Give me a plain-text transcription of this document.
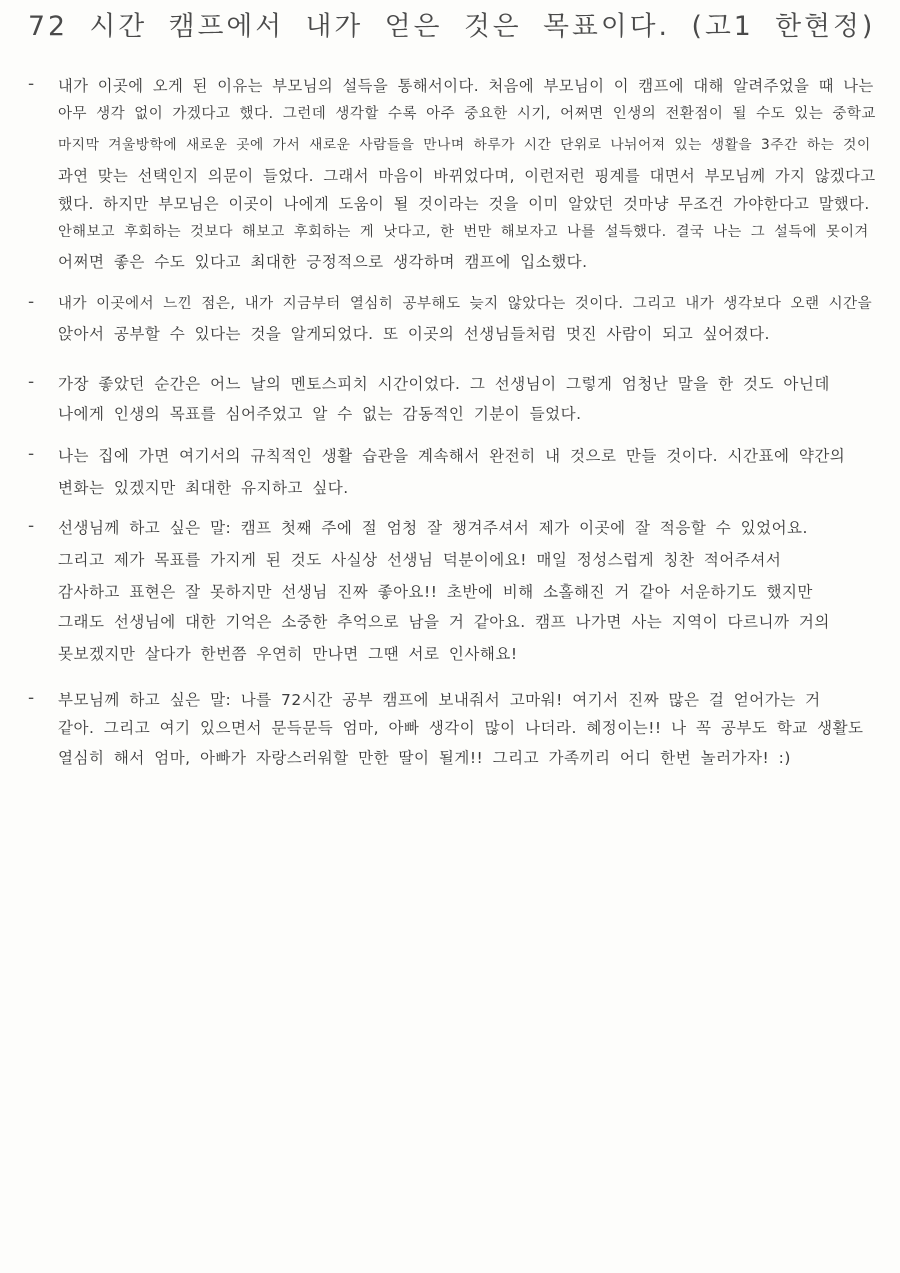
72 시간 캠프에서 내가 얻은 것은 목표이다. (고1 한현정)
- 내가 이곳에 오게 된 이유는 부모님의 설득을 통해서이다. 처음에 부모님이 이 캠프에 대해 알려주었을 때 나는
아무 생각 없이 가겠다고 했다. 그런데 생각할 수록 아주 중요한 시기, 어쩌면 인생의 전환점이 될 수도 있는 중학교
마지막 겨울방학에 새로운 곳에 가서 새로운 사람들을 만나며 하루가 시간 단위로 나뉘어져 있는 생활을 3주간 하는 것이
과연 맞는 선택인지 의문이 들었다. 그래서 마음이 바뀌었다며, 이런저런 핑계를 대면서 부모님께 가지 않겠다고
했다. 하지만 부모님은 이곳이 나에게 도움이 될 것이라는 것을 이미 알았던 것마냥 무조건 가야한다고 말했다.
안해보고 후회하는 것보다 해보고 후회하는 게 낫다고, 한 번만 해보자고 나를 설득했다. 결국 나는 그 설득에 못이겨
어쩌면 좋은 수도 있다고 최대한 긍정적으로 생각하며 캠프에 입소했다.
- 내가 이곳에서 느낀 점은, 내가 지금부터 열심히 공부해도 늦지 않았다는 것이다. 그리고 내가 생각보다 오랜 시간을
앉아서 공부할 수 있다는 것을 알게되었다. 또 이곳의 선생님들처럼 멋진 사람이 되고 싶어졌다.
- 가장 좋았던 순간은 어느 날의 멘토스피치 시간이었다. 그 선생님이 그렇게 엄청난 말을 한 것도 아닌데
나에게 인생의 목표를 심어주었고 알 수 없는 감동적인 기분이 들었다.
- 나는 집에 가면 여기서의 규칙적인 생활 습관을 계속해서 완전히 내 것으로 만들 것이다. 시간표에 약간의
변화는 있겠지만 최대한 유지하고 싶다.
- 선생님께 하고 싶은 말: 캠프 첫째 주에 절 엄청 잘 챙겨주셔서 제가 이곳에 잘 적응할 수 있었어요.
그리고 제가 목표를 가지게 된 것도 사실상 선생님 덕분이에요! 매일 정성스럽게 칭찬 적어주셔서
감사하고 표현은 잘 못하지만 선생님 진짜 좋아요!! 초반에 비해 소홀해진 거 같아 서운하기도 했지만
그래도 선생님에 대한 기억은 소중한 추억으로 남을 거 같아요. 캠프 나가면 사는 지역이 다르니까 거의
못보겠지만 살다가 한번쯤 우연히 만나면 그땐 서로 인사해요!
- 부모님께 하고 싶은 말: 나를 72시간 공부 캠프에 보내줘서 고마워! 여기서 진짜 많은 걸 얻어가는 거
같아. 그리고 여기 있으면서 문득문득 엄마, 아빠 생각이 많이 나더라. 혜정이는!! 나 꼭 공부도 학교 생활도
열심히 해서 엄마, 아빠가 자랑스러워할 만한 딸이 될게!! 그리고 가족끼리 어디 한번 놀러가자! :)
